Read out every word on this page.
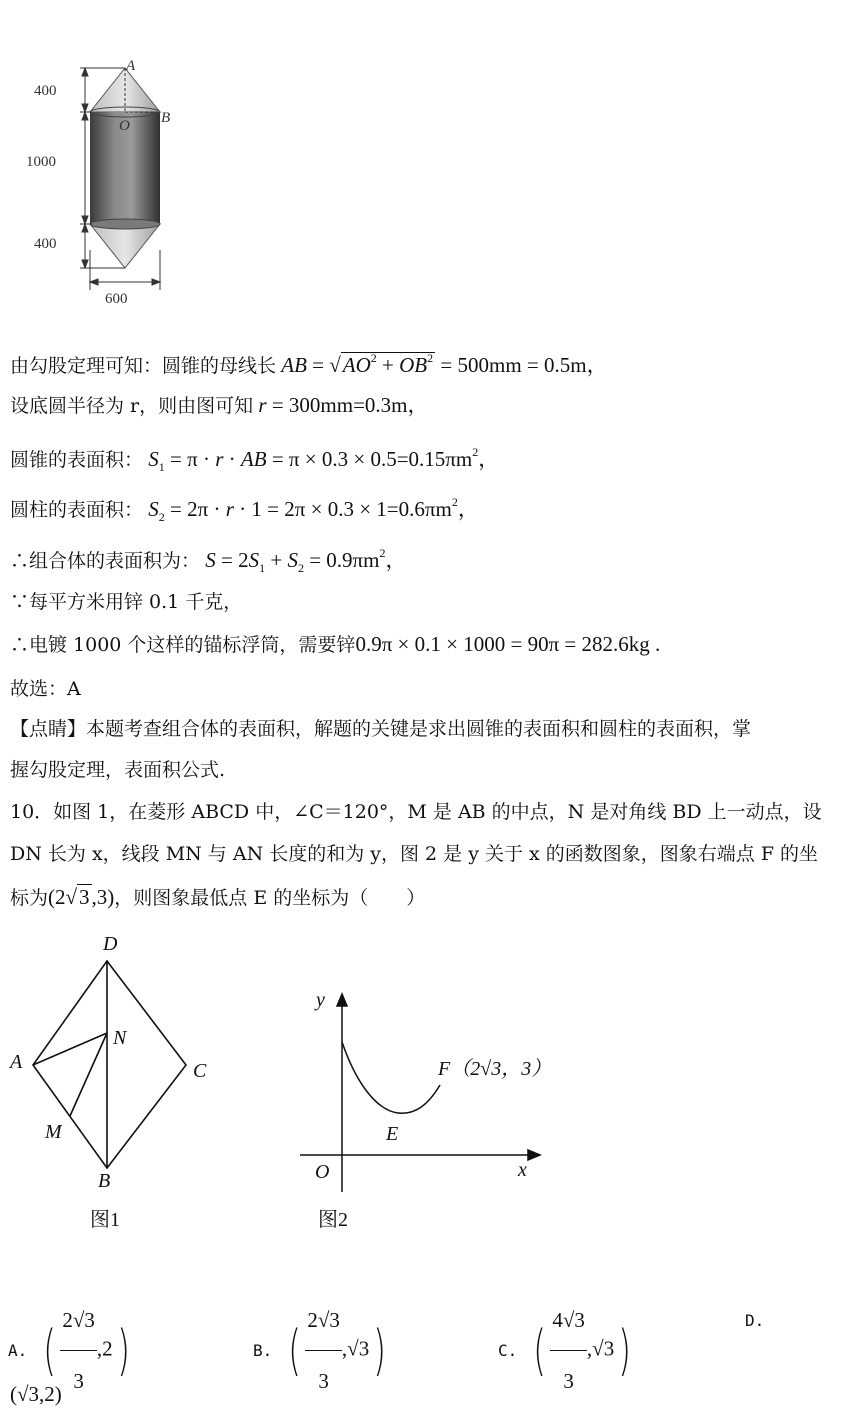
400
1000
400
600
A
O B
由勾股定理可知：圆锥的母线长 AB = $√AO^2 + OB^2 = 500mm = 0.5m$，
设底圆半径为 r，则由图可知 r = 300mm=0.3m，
圆锥的表面积： $S_1 = \pi \cdot r$ · AB = $\pi \times 0.3 \times 0.5=0.15\pi m^2$，
圆柱的表面积： $S_2 = 2\pi \cdot r \cdot 1 = 2\pi \times 0.3 \times 1=0.6\pi m^2$，
∴组合体的表面积为： $S = 2S_1 + S_2 = 0.9\pi m^2$，
∵每平方米用锌 0.1 千克，
∴电镀 1000 个这样的锚标浮筒，需要锌0.9π × 0.1 × 1000 = 90π = 282.6kg .
故选：A
【点睛】本题考查组合体的表面积，解题的关键是求出圆锥的表面积和圆柱的表面积，掌
握勾股定理，表面积公式.
10．如图 1，在菱形 ABCD 中，∠C＝120°，M 是 AB 的中点，N 是对角线 BD 上一动点，设
DN 长为 x，线段 MN 与 AN 长度的和为 y，图 2 是 y 关于 x 的函数图象，图象右端点 F 的坐
标为(2√3,3)，则图象最低点 E 的坐标为（　　）
D
A
N
C
M
B
图1
y
x
O
E
F（2√3，3）
图2
A. ( $\frac{2√3}{3} ,2$)	B. ( $\frac{2√3}{3} ,√3$)	C. ( $\frac{4√3}{3} ,√3$)	D.
(√3,2)
